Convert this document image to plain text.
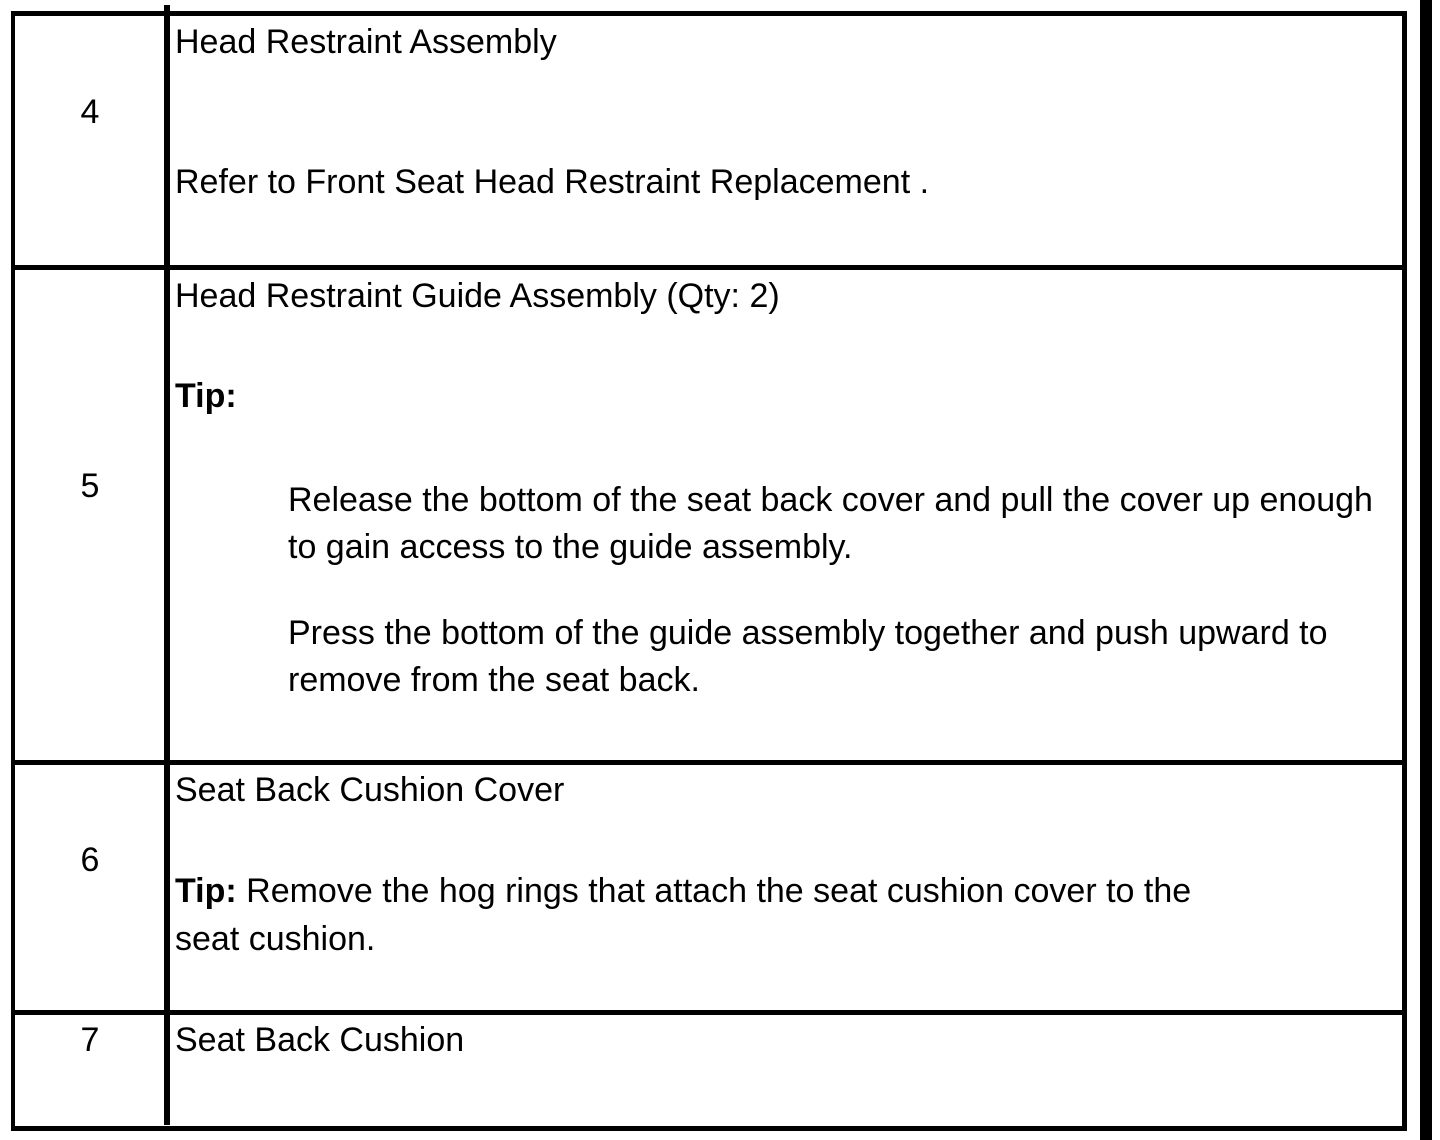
4
Head Restraint Assembly
Refer to Front Seat Head Restraint Replacement .
5
Head Restraint Guide Assembly (Qty: 2)
Tip:
Release the bottom of the seat back cover and pull the cover up enough to gain access to the guide assembly.
Press the bottom of the guide assembly together and push upward to remove from the seat back.
6
Seat Back Cushion Cover
Tip: Remove the hog rings that attach the seat cushion cover to the
seat cushion.
7	Seat Back Cushion
